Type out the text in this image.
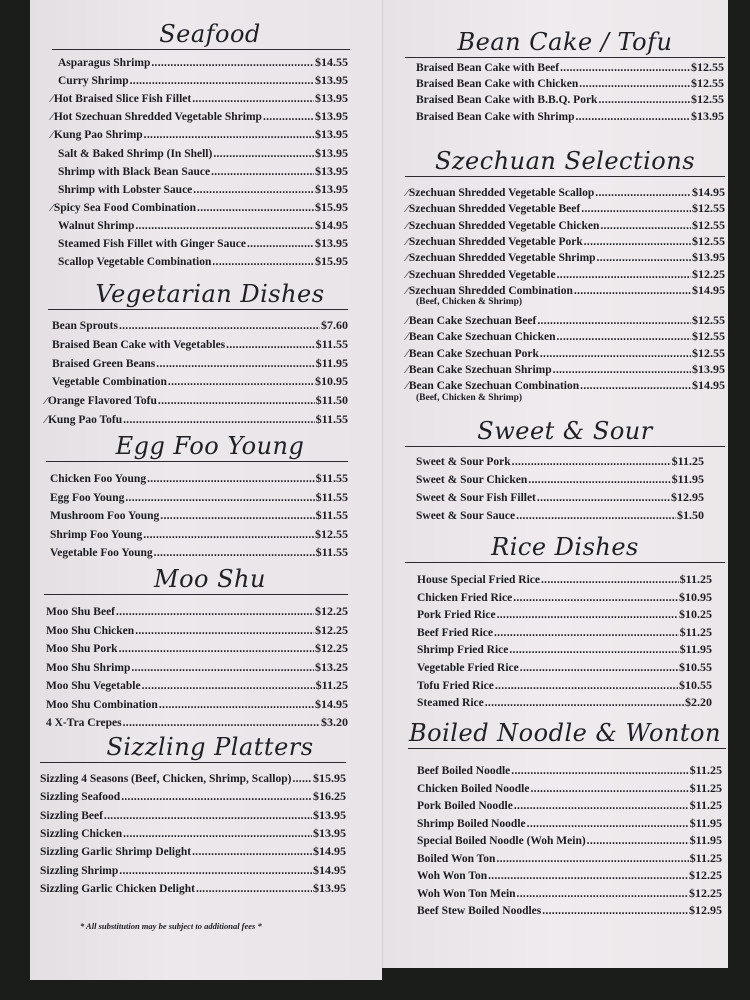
Seafood
Asparagus Shrimp .....	$14.55
Curry Shrimp .....	$13.95
⁄ Hot Braised Slice Fish Fillet .....	$13.95
⁄ Hot Szechuan Shredded Vegetable Shrimp .....	$13.95
⁄ Kung Pao Shrimp .....	$13.95
Salt & Baked Shrimp (In Shell) .....	$13.95
Shrimp with Black Bean Sauce .....	$13.95
Shrimp with Lobster Sauce .....	$13.95
⁄ Spicy Sea Food Combination .....	$15.95
Walnut Shrimp .....	$14.95
Steamed Fish Fillet with Ginger Sauce .....	$13.95
Scallop Vegetable Combination .....	$15.95
Vegetarian Dishes
Bean Sprouts .....	$7.60
Braised Bean Cake with Vegetables .....	$11.55
Braised Green Beans .....	$11.95
Vegetable Combination .....	$10.95
⁄ Orange Flavored Tofu .....	$11.50
⁄ Kung Pao Tofu .....	$11.55
Egg Foo Young
Chicken Foo Young .....	$11.55
Egg Foo Young .....	$11.55
Mushroom Foo Young .....	$11.55
Shrimp Foo Young .....	$12.55
Vegetable Foo Young .....	$11.55
Moo Shu
Moo Shu Beef .....	$12.25
Moo Shu Chicken .....	$12.25
Moo Shu Pork .....	$12.25
Moo Shu Shrimp .....	$13.25
Moo Shu Vegetable .....	$11.25
Moo Shu Combination .....	$14.95
4 X-Tra Crepes .....	$3.20
Sizzling Platters
Sizzling 4 Seasons (Beef, Chicken, Shrimp, Scallop) ..... $15.95
Sizzling Seafood .....	$16.25
Sizzling Beef .....	$13.95
Sizzling Chicken .....	$13.95
Sizzling Garlic Shrimp Delight .....	$14.95
Sizzling Shrimp .....	$14.95
Sizzling Garlic Chicken Delight .....	$13.95
Bean Cake / Tofu
Braised Bean Cake with Beef .....	$12.55
Braised Bean Cake with Chicken .....	$12.55
Braised Bean Cake with B.B.Q. Pork .....	$12.55
Braised Bean Cake with Shrimp .....	$13.95
Szechuan Selections
⁄ Szechuan Shredded Vegetable Scallop .....	$14.95
⁄ Szechuan Shredded Vegetable Beef .....	$12.55
⁄ Szechuan Shredded Vegetable Chicken .....	$12.55
⁄ Szechuan Shredded Vegetable Pork .....	$12.55
⁄ Szechuan Shredded Vegetable Shrimp .....	$13.95
⁄ Szechuan Shredded Vegetable .....	$12.25
⁄ Szechuan Shredded Combination .....	$14.95
(Beef, Chicken & Shrimp)
⁄ Bean Cake Szechuan Beef .....	$12.55
⁄ Bean Cake Szechuan Chicken .....	$12.55
⁄ Bean Cake Szechuan Pork .....	$12.55
⁄ Bean Cake Szechuan Shrimp .....	$13.95
⁄ Bean Cake Szechuan Combination .....	$14.95
(Beef, Chicken & Shrimp)
Sweet & Sour
Sweet & Sour Pork .....	$11.25
Sweet & Sour Chicken .....	$11.95
Sweet & Sour Fish Fillet .....	$12.95
Sweet & Sour Sauce .....	$1.50
Rice Dishes
House Special Fried Rice .....	$11.25
Chicken Fried Rice .....	$10.95
Pork Fried Rice .....	$10.25
Beef Fried Rice .....	$11.25
Shrimp Fried Rice .....	$11.95
Vegetable Fried Rice .....	$10.55
Tofu Fried Rice .....	$10.55
Steamed Rice .....	$2.20
Boiled Noodle & Wonton
Beef Boiled Noodle .....	$11.25
Chicken Boiled Noodle .....	$11.25
Pork Boiled Noodle .....	$11.25
Shrimp Boiled Noodle .....	$11.95
Special Boiled Noodle (Woh Mein) .....	$11.95
Boiled Won Ton .....	$11.25
Woh Won Ton .....	$12.25
Woh Won Ton Mein .....	$12.25
Beef Stew Boiled Noodles .....	$12.95
* All substitution may be subject to additional fees *
